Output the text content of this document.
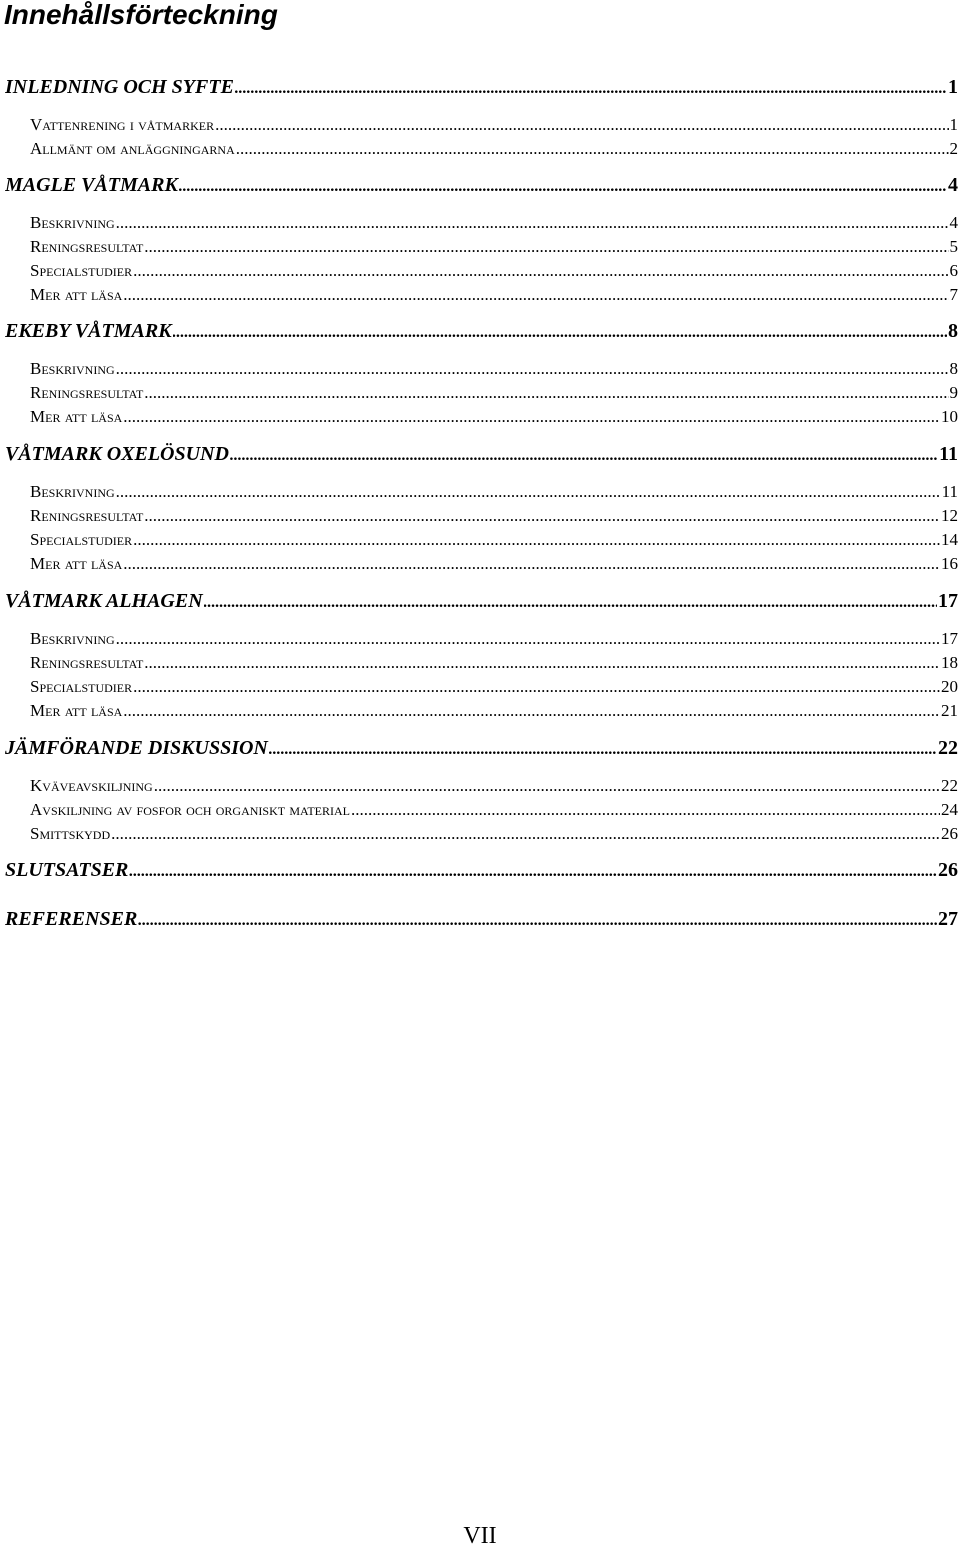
Innehållsförteckning
INLEDNING OCH SYFTE .....	1
Vattenrening i våtmarker .....	1
Allmänt om anläggningarna .....	2
MAGLE VÅTMARK .....	4
Beskrivning .....	4
Reningsresultat .....	5
Specialstudier .....	6
Mer att läsa .....	7
EKEBY VÅTMARK .....	8
Beskrivning .....	8
Reningsresultat .....	9
Mer att läsa .....	10
VÅTMARK OXELÖSUND .....	11
Beskrivning .....	11
Reningsresultat .....	12
Specialstudier .....	14
Mer att läsa .....	16
VÅTMARK ALHAGEN .....	17
Beskrivning .....	17
Reningsresultat .....	18
Specialstudier .....	20
Mer att läsa .....	21
JÄMFÖRANDE DISKUSSION .....	22
Kväveavskiljning .....	22
Avskiljning av fosfor och organiskt material .....	24
Smittskydd .....	26
SLUTSATSER .....	26
REFERENSER .....	27
VII
